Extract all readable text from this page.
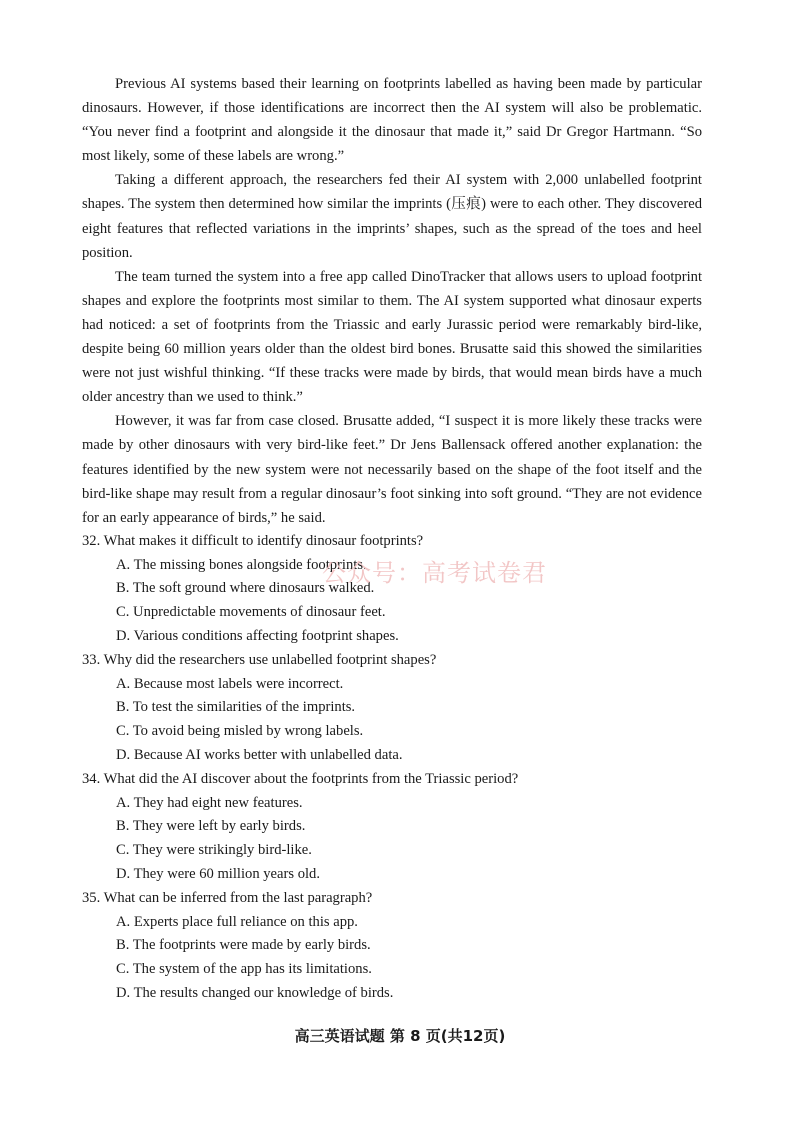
Previous AI systems based their learning on footprints labelled as having been made by particular dinosaurs. However, if those identifications are incorrect then the AI system will also be problematic. “You never find a footprint and alongside it the dinosaur that made it,” said Dr Gregor Hartmann. “So most likely, some of these labels are wrong.”

Taking a different approach, the researchers fed their AI system with 2,000 unlabelled footprint shapes. The system then determined how similar the imprints (压痕) were to each other. They discovered eight features that reflected variations in the imprints’ shapes, such as the spread of the toes and heel position.

The team turned the system into a free app called DinoTracker that allows users to upload footprint shapes and explore the footprints most similar to them. The AI system supported what dinosaur experts had noticed: a set of footprints from the Triassic and early Jurassic period were remarkably bird-like, despite being 60 million years older than the oldest bird bones. Brusatte said this showed the similarities were not just wishful thinking. “If these tracks were made by birds, that would mean birds have a much older ancestry than we used to think.”

However, it was far from case closed. Brusatte added, “I suspect it is more likely these tracks were made by other dinosaurs with very bird-like feet.” Dr Jens Ballensack offered another explanation: the features identified by the new system were not necessarily based on the shape of the foot itself and the bird-like shape may result from a regular dinosaur’s foot sinking into soft ground. “They are not evidence for an early appearance of birds,” he said.

32. What makes it difficult to identify dinosaur footprints?

A. The missing bones alongside footprints.

B. The soft ground where dinosaurs walked.

C. Unpredictable movements of dinosaur feet.

D. Various conditions affecting footprint shapes.

33. Why did the researchers use unlabelled footprint shapes?

A. Because most labels were incorrect.

B. To test the similarities of the imprints.

C. To avoid being misled by wrong labels.

D. Because AI works better with unlabelled data.

34. What did the AI discover about the footprints from the Triassic period?

A. They had eight new features.

B. They were left by early birds.

C. They were strikingly bird-like.

D. They were 60 million years old.

35. What can be inferred from the last paragraph?

A. Experts place full reliance on this app.

B. The footprints were made by early birds.

C. The system of the app has its limitations.

D. The results changed our knowledge of birds.

公众号：高考试卷君
高三英语试题 第 8 页(共12页)
